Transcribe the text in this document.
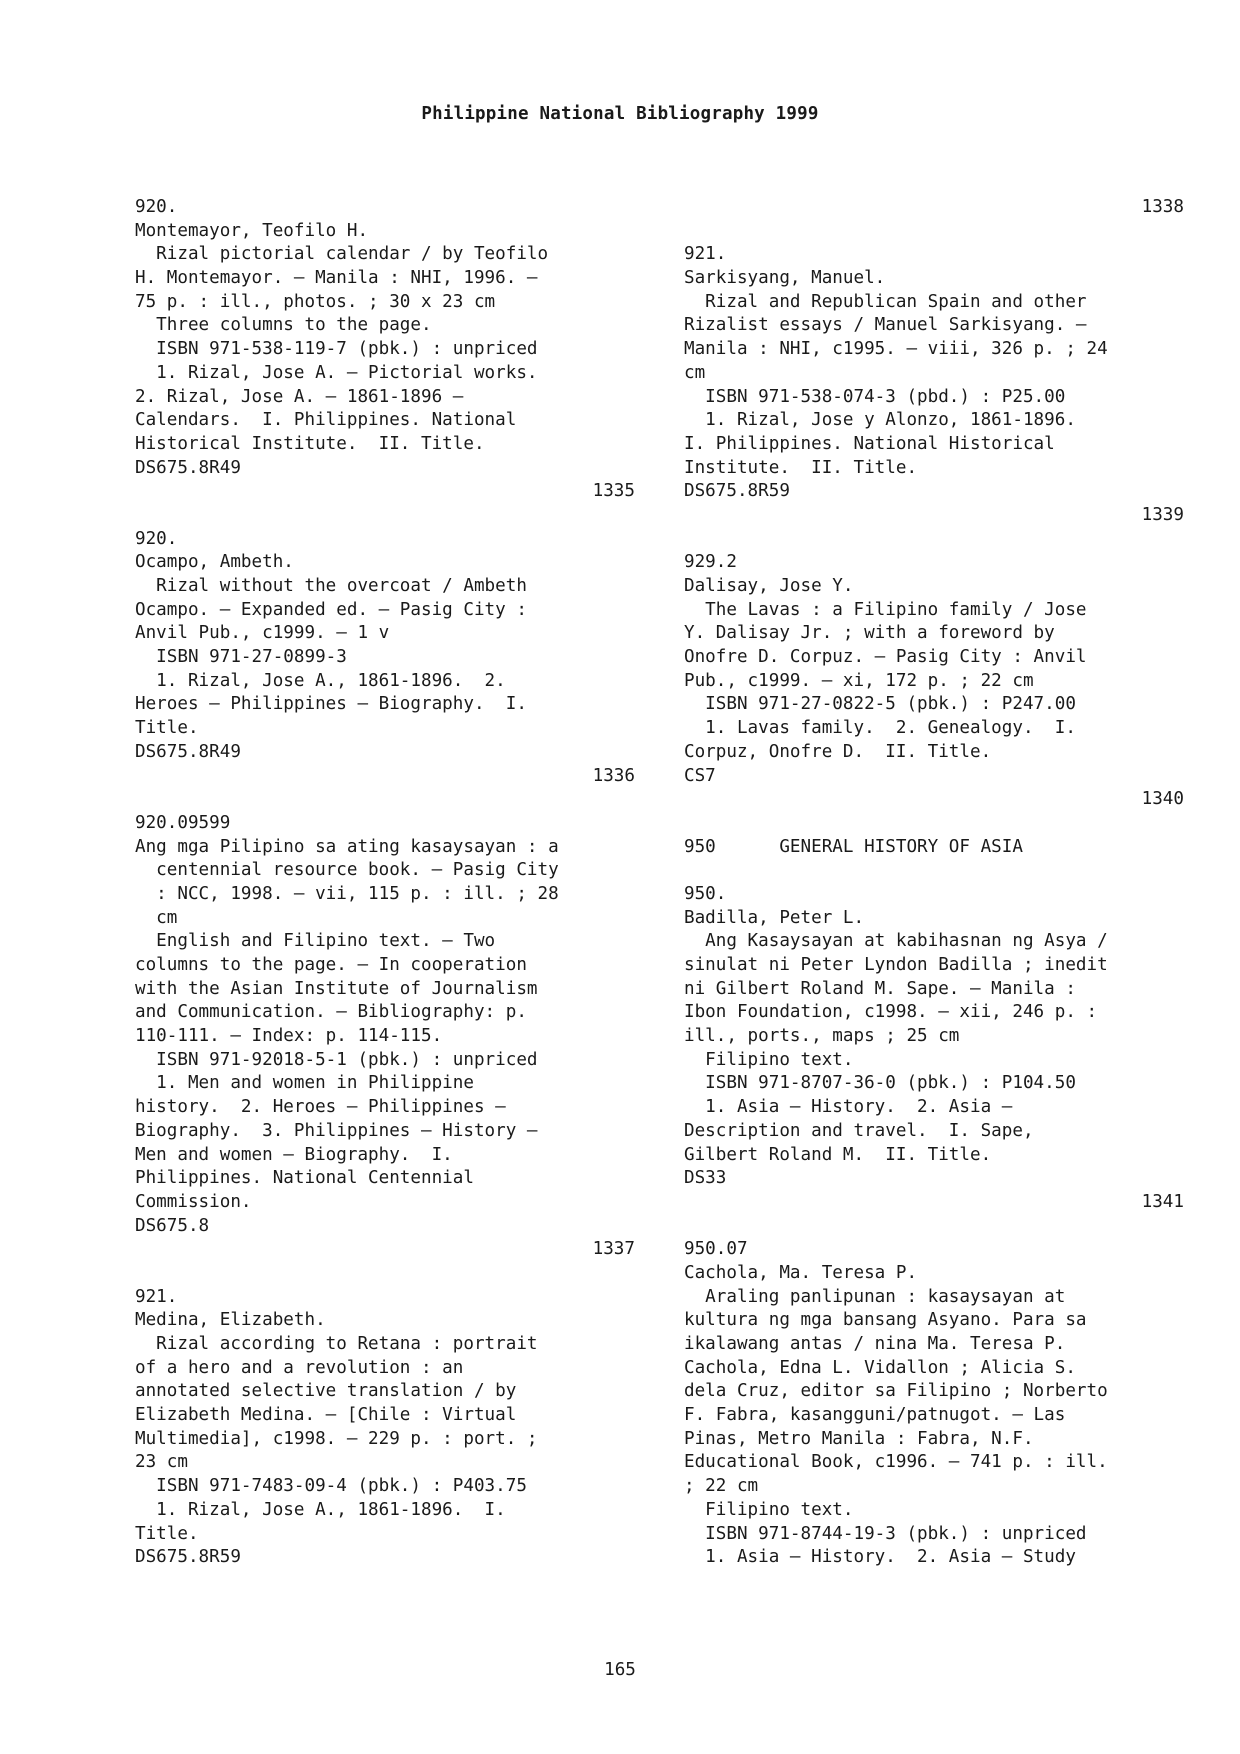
Philippine National Bibliography 1999
920.
Montemayor, Teofilo H.
Rizal pictorial calendar / by Teofilo
H. Montemayor. – Manila : NHI, 1996. –
75 p. : ill., photos. ; 30 x 23 cm
Three columns to the page.
ISBN 971-538-119-7 (pbk.) : unpriced
1. Rizal, Jose A. – Pictorial works.
2. Rizal, Jose A. – 1861-1896 –
Calendars.  I. Philippines. National
Historical Institute.  II. Title.
DS675.8R49
1335
920.
Ocampo, Ambeth.
Rizal without the overcoat / Ambeth
Ocampo. – Expanded ed. – Pasig City :
Anvil Pub., c1999. – 1 v
ISBN 971-27-0899-3
1. Rizal, Jose A., 1861-1896.  2.
Heroes – Philippines – Biography.  I.
Title.
DS675.8R49
1336
920.09599
Ang mga Pilipino sa ating kasaysayan : a
centennial resource book. – Pasig City
: NCC, 1998. – vii, 115 p. : ill. ; 28
cm
English and Filipino text. – Two
columns to the page. – In cooperation
with the Asian Institute of Journalism
and Communication. – Bibliography: p.
110-111. – Index: p. 114-115.
ISBN 971-92018-5-1 (pbk.) : unpriced
1. Men and women in Philippine
history.  2. Heroes – Philippines –
Biography.  3. Philippines – History –
Men and women – Biography.  I.
Philippines. National Centennial
Commission.
DS675.8
1337
921.
Medina, Elizabeth.
Rizal according to Retana : portrait
of a hero and a revolution : an
annotated selective translation / by
Elizabeth Medina. – [Chile : Virtual
Multimedia], c1998. – 229 p. : port. ;
23 cm
ISBN 971-7483-09-4 (pbk.) : P403.75
1. Rizal, Jose A., 1861-1896.  I.
Title.
DS675.8R59
1338
921.
Sarkisyang, Manuel.
Rizal and Republican Spain and other
Rizalist essays / Manuel Sarkisyang. –
Manila : NHI, c1995. – viii, 326 p. ; 24
cm
ISBN 971-538-074-3 (pbd.) : P25.00
1. Rizal, Jose y Alonzo, 1861-1896.
I. Philippines. National Historical
Institute.  II. Title.
DS675.8R59
1339
929.2
Dalisay, Jose Y.
The Lavas : a Filipino family / Jose
Y. Dalisay Jr. ; with a foreword by
Onofre D. Corpuz. – Pasig City : Anvil
Pub., c1999. – xi, 172 p. ; 22 cm
ISBN 971-27-0822-5 (pbk.) : P247.00
1. Lavas family.  2. Genealogy.  I.
Corpuz, Onofre D.  II. Title.
CS7
1340
950      GENERAL HISTORY OF ASIA
950.
Badilla, Peter L.
Ang Kasaysayan at kabihasnan ng Asya /
sinulat ni Peter Lyndon Badilla ; inedit
ni Gilbert Roland M. Sape. – Manila :
Ibon Foundation, c1998. – xii, 246 p. :
ill., ports., maps ; 25 cm
Filipino text.
ISBN 971-8707-36-0 (pbk.) : P104.50
1. Asia – History.  2. Asia –
Description and travel.  I. Sape,
Gilbert Roland M.  II. Title.
DS33
1341
950.07
Cachola, Ma. Teresa P.
Araling panlipunan : kasaysayan at
kultura ng mga bansang Asyano. Para sa
ikalawang antas / nina Ma. Teresa P.
Cachola, Edna L. Vidallon ; Alicia S.
dela Cruz, editor sa Filipino ; Norberto
F. Fabra, kasangguni/patnugot. – Las
Pinas, Metro Manila : Fabra, N.F.
Educational Book, c1996. – 741 p. : ill.
; 22 cm
Filipino text.
ISBN 971-8744-19-3 (pbk.) : unpriced
1. Asia – History.  2. Asia – Study
165
